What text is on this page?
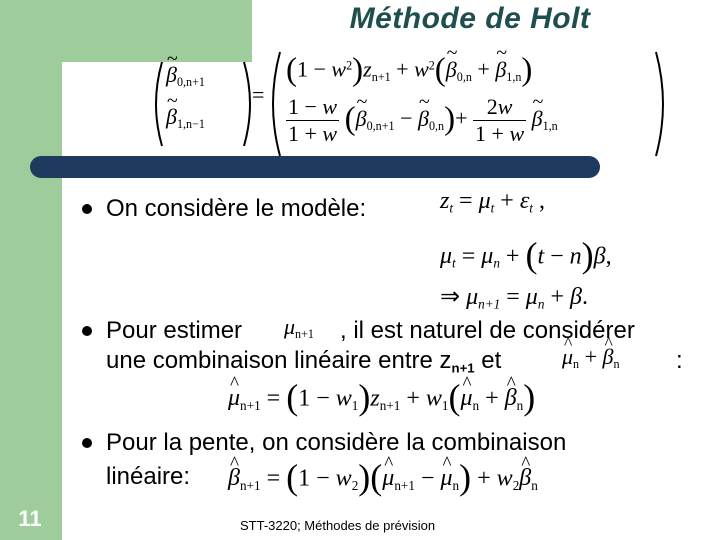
Méthode de Holt
~ $\beta_{0,n+1}$
~ $\beta_{1,n-1}$
=
$(1 - w^2)z_{n+1}$ + $w^2(\sim$ $\beta_{0,n}$ + ~ $\beta_{1,n}$)
$\frac{1 - w}{1 + w}$ (~ $\beta_{0,n+1}$ − ~ $\beta_{0,n})+ \frac{2w}{1 + w}$ ~ $\beta_{1,n}$
On considère le modèle:	$z_t = \mu_t + \varepsilon_t$ ,
$\mu_t = \mu_n + (t - n)\beta$,
⇒ $\mu_{n+1} = \mu_n + \beta$.
Pour estimer $\mu_{n+1}$ , il est naturel de considérer
une combinaison linéaire entre $z_{n+1}$ et	^ $\mu_n$ + ^ $\beta_n$ :
^ $\mu_{n+1} = (1 - w_1)z_{n+1}$ + $w_1(\^{}$ $\mu_n$ + ^ $\beta_n$)
Pour la pente, on considère la combinaison
linéaire: ^ $\beta_{n+1} = (1$ − $w_2)(\^{}$ $\mu_{n+1}$ − ^ $\mu_n$) + $w_2\^{}$ $\beta_n$
11	STT-3220; Méthodes de prévision
